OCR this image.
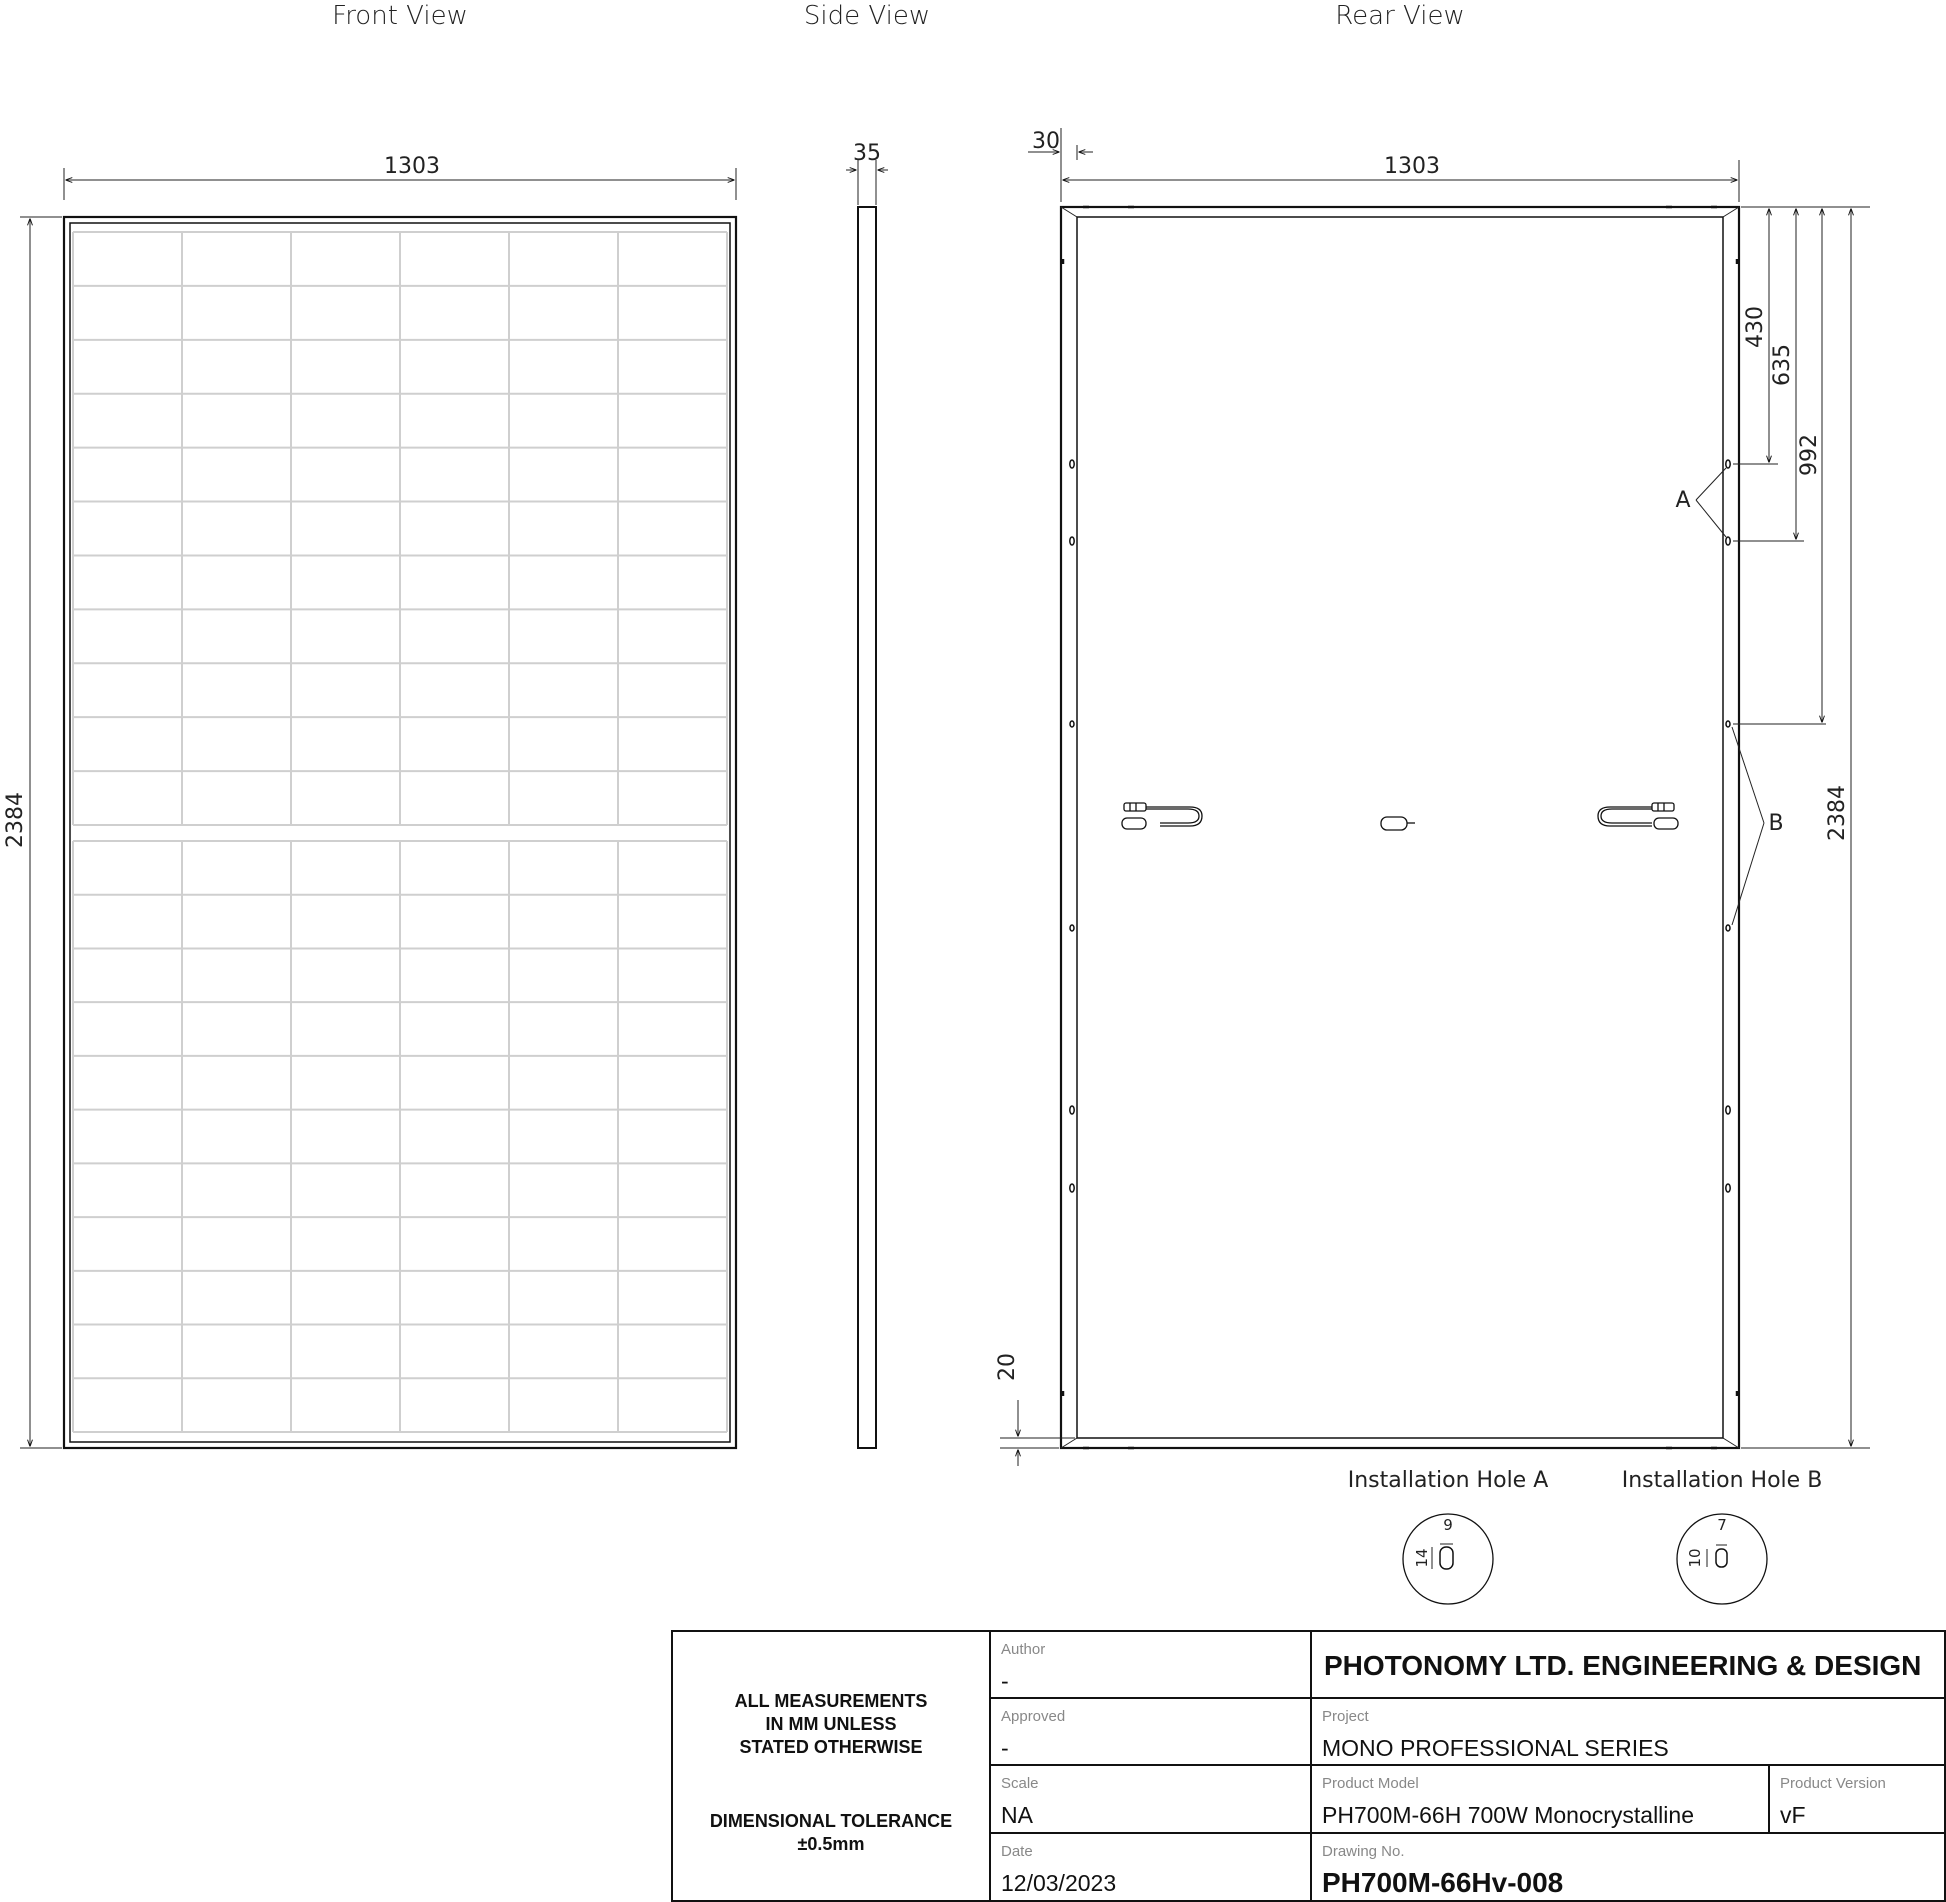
Front View	Side View	Rear View
1303
2384
35	30
1303
A
B
430
635
992
2384
20
Installation Hole A
9
14
Installation Hole B
7
10
ALL MEASUREMENTS
IN MM UNLESS
STATED OTHERWISE
DIMENSIONAL TOLERANCE
±0.5mm
Author
-
Approved
-
Scale
NA
Date
12/03/2023
PHOTONOMY LTD. ENGINEERING & DESIGN
Project
MONO PROFESSIONAL SERIES
Product Model
PH700M-66H 700W Monocrystalline
Product Version
vF
Drawing No.
PH700M-66Hv-008
